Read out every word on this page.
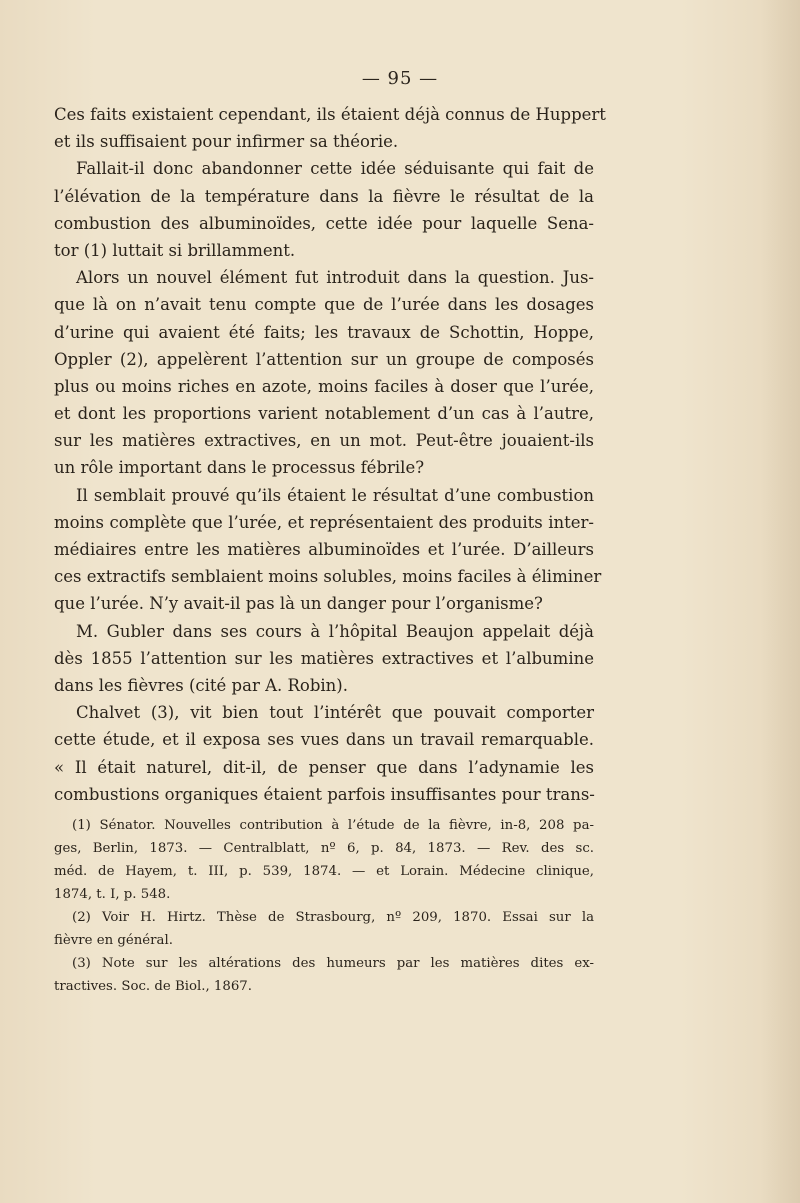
— 95 —
Ces faits existaient cependant, ils étaient déjà connus de Huppert
et ils suffisaient pour infirmer sa théorie.
Fallait-il donc abandonner cette idée séduisante qui fait de
l’élévation de la température dans la fièvre le résultat de la
combustion des albuminoïdes, cette idée pour laquelle Sena-
tor (1) luttait si brillamment.
Alors un nouvel élément fut introduit dans la question. Jus-
que là on n’avait tenu compte que de l’urée dans les dosages
d’urine qui avaient été faits; les travaux de Schottin, Hoppe,
Oppler (2), appelèrent l’attention sur un groupe de composés
plus ou moins riches en azote, moins faciles à doser que l’urée,
et dont les proportions varient notablement d’un cas à l’autre,
sur les matières extractives, en un mot. Peut-être jouaient-ils
un rôle important dans le processus fébrile?
Il semblait prouvé qu’ils étaient le résultat d’une combustion
moins complète que l’urée, et représentaient des produits inter-
médiaires entre les matières albuminoïdes et l’urée. D’ailleurs
ces extractifs semblaient moins solubles, moins faciles à éliminer
que l’urée. N’y avait-il pas là un danger pour l’organisme?
M. Gubler dans ses cours à l’hôpital Beaujon appelait déjà
dès 1855 l’attention sur les matières extractives et l’albumine
dans les fièvres (cité par A. Robin).
Chalvet (3), vit bien tout l’intérêt que pouvait comporter
cette étude, et il exposa ses vues dans un travail remarquable.
« Il était naturel, dit-il, de penser que dans l’adynamie les
combustions organiques étaient parfois insuffisantes pour trans-
(1) Sénator. Nouvelles contribution à l’étude de la fièvre, in-8, 208 pa-
ges, Berlin, 1873. — Centralblatt, nº 6, p. 84, 1873. — Rev. des sc.
méd. de Hayem, t. III, p. 539, 1874. — et Lorain. Médecine clinique,
1874, t. I, p. 548.
(2) Voir H. Hirtz. Thèse de Strasbourg, nº 209, 1870. Essai sur la
fièvre en général.
(3) Note sur les altérations des humeurs par les matières dites ex-
tractives. Soc. de Biol., 1867.
